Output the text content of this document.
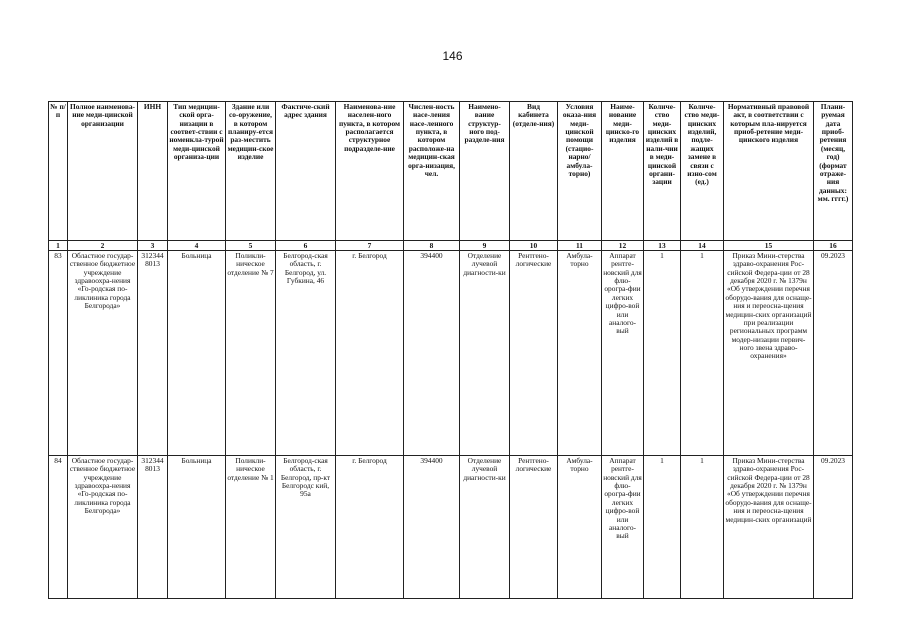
146
№ п/п	Полное наименова-ние меди-цинской организации	ИНН	Тип медицин-ской орга-низации в соответ-ствии с номенкла-турой меди-цинской организа-ции	Здание или со-оружение, в котором планиру-ется раз-местить медицин-ское изделие	Фактиче-ский адрес здания	Наименова-ние населен-ного пункта, в котором располагается структурное подразделе-ние	Числен-ность насе-ления насе-ленного пункта, в котором расположе-на медицин-ская орга-низация, чел.	Наимено-вание структур-ного под-разделе-ния	Вид кабинета (отделе-ния)	Условия оказа-ния меди-цинской помощи (стацио-нарно/ амбула-торно)	Наиме-нование меди-цинско-го изделия	Количе-ство меди-цинских изделий в нали-чии в меди-цинской органи-зации	Количе-ство меди-цинских изделий, подле-жащих замене в связи с изно-сом (ед.)	Нормативный правовой акт, в соответствии с которым пла-нируется приоб-ретение меди-цинского изделия	Плани-руемая дата приоб-ретения (месяц, год) (формат отраже-ния данных: мм. гггг.)
1	2	3	4	5	6	7	8	9	10	11	12	13	14	15	16
83	Областное государ-ственное бюджетное учреждение здравоохра-нения «Го-родская по-ликлиника города Белгорода»	312344 8013	Больница	Поликли-ническое отделение № 7	Белгород-ская область, г. Белгород, ул. Губкина, 46	г. Белгород	394400	Отделение лучевой диагности-ки	Рентгено-логические	Амбула-торно	Аппарат рентге-новский для флю-орогра-фии легких цифро-вой или аналого-вый	1	1	Приказ Мини-стерства здраво-охранения Рос-сийской Федера-ции от 28 декабря 2020 г. № 1379н «Об утверждении перечня оборудо-вания для оснаще-ния и переосна-щения медицин-ских организаций при реализации региональных программ модер-низации первич-ного звена здраво-охранения»	09.2023
84	Областное государ-ственное бюджетное учреждение здравоохра-нения «Го-родская по-ликлиника города Белгорода»	312344 8013	Больница	Поликли-ническое отделение № 1	Белгород-ская область, г. Белгород, пр-кт Белгородс кий, 95а	г. Белгород	394400	Отделение лучевой диагности-ки	Рентгено-логические	Амбула-торно	Аппарат рентге-новский для флю-орогра-фии легких цифро-вой или аналого-вый	1	1	Приказ Мини-стерства здраво-охранения Рос-сийской Федера-ции от 28 декабря 2020 г. № 1379н «Об утверждении перечня оборудо-вания для оснаще-ния и переосна-щения медицин-ских организаций	09.2023
